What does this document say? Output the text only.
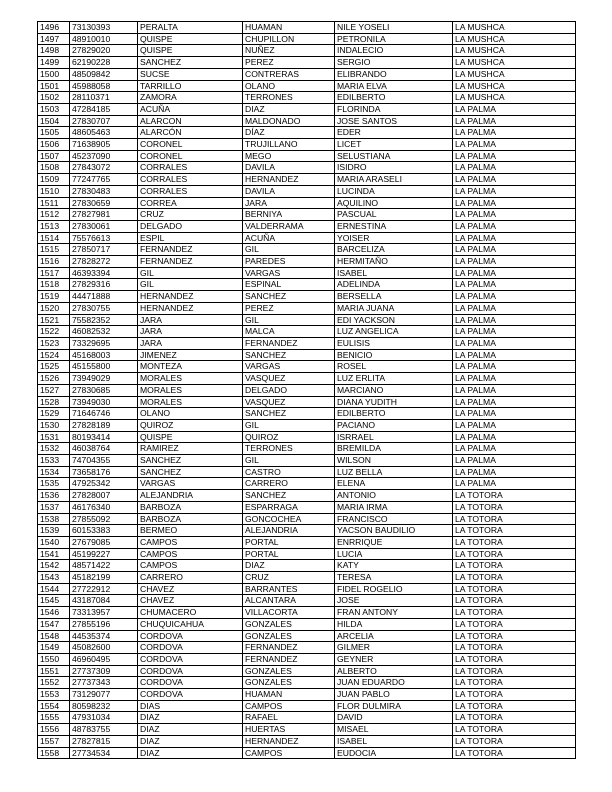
1496	73130393	PERALTA	HUAMAN	NILE YOSELI	LA MUSHCA
1497	48910010	QUISPE	CHUPILLON	PETRONILA	LA MUSHCA
1498	27829020	QUISPE	NUÑEZ	INDALECIO	LA MUSHCA
1499	62190228	SANCHEZ	PEREZ	SERGIO	LA MUSHCA
1500	48509842	SUCSE	CONTRERAS	ELIBRANDO	LA MUSHCA
1501	45988058	TARRILLO	OLANO	MARIA ELVA	LA MUSHCA
1502	28110371	ZAMORA	TERRONES	EDILBERTO	LA MUSHCA
1503	47284185	ACUÑA	DIAZ	FLORINDA	LA PALMA
1504	27830707	ALARCON	MALDONADO	JOSE SANTOS	LA PALMA
1505	48605463	ALARCÓN	DÍAZ	EDER	LA PALMA
1506	71638905	CORONEL	TRUJILLANO	LICET	LA PALMA
1507	45237090	CORONEL	MEGO	SELUSTIANA	LA PALMA
1508	27843072	CORRALES	DAVILA	ISIDRO	LA PALMA
1509	77247765	CORRALES	HERNANDEZ	MARIA ARASELI	LA PALMA
1510	27830483	CORRALES	DAVILA	LUCINDA	LA PALMA
1511	27830659	CORREA	JARA	AQUILINO	LA PALMA
1512	27827981	CRUZ	BERNIYA	PASCUAL	LA PALMA
1513	27830061	DELGADO	VALDERRAMA	ERNESTINA	LA PALMA
1514	75576613	ESPIL	ACUÑA	YOISER	LA PALMA
1515	27850717	FERNANDEZ	GIL	BARCELIZA	LA PALMA
1516	27828272	FERNANDEZ	PAREDES	HERMITAÑO	LA PALMA
1517	46393394	GIL	VARGAS	ISABEL	LA PALMA
1518	27829316	GIL	ESPINAL	ADELINDA	LA PALMA
1519	44471888	HERNANDEZ	SANCHEZ	BERSELLA	LA PALMA
1520	27830755	HERNANDEZ	PEREZ	MARIA JUANA	LA PALMA
1521	75582352	JARA	GIL	EDI YACKSON	LA PALMA
1522	46082532	JARA	MALCA	LUZ ANGELICA	LA PALMA
1523	73329695	JARA	FERNANDEZ	EULISIS	LA PALMA
1524	45168003	JIMENEZ	SANCHEZ	BENICIO	LA PALMA
1525	45155800	MONTEZA	VARGAS	ROSEL	LA PALMA
1526	73949029	MORALES	VASQUEZ	LUZ ERLITA	LA PALMA
1527	27830685	MORALES	DELGADO	MARCIANO	LA PALMA
1528	73949030	MORALES	VASQUEZ	DIANA YUDITH	LA PALMA
1529	71646746	OLANO	SANCHEZ	EDILBERTO	LA PALMA
1530	27828189	QUIROZ	GIL	PACIANO	LA PALMA
1531	80193414	QUISPE	QUIROZ	ISRRAEL	LA PALMA
1532	46038764	RAMIREZ	TERRONES	BREMILDA	LA PALMA
1533	74704355	SANCHEZ	GIL	WILSON	LA PALMA
1534	73658176	SANCHEZ	CASTRO	LUZ BELLA	LA PALMA
1535	47925342	VARGAS	CARRERO	ELENA	LA PALMA
1536	27828007	ALEJANDRIA	SANCHEZ	ANTONIO	LA TOTORA
1537	46176340	BARBOZA	ESPARRAGA	MARIA IRMA	LA TOTORA
1538	27855092	BARBOZA	GONCOCHEA	FRANCISCO	LA TOTORA
1539	60153383	BERMEO	ALEJANDRIA	YACSON BAUDILIO	LA TOTORA
1540	27679085	CAMPOS	PORTAL	ENRRIQUE	LA TOTORA
1541	45199227	CAMPOS	PORTAL	LUCIA	LA TOTORA
1542	48571422	CAMPOS	DIAZ	KATY	LA TOTORA
1543	45182199	CARRERO	CRUZ	TERESA	LA TOTORA
1544	27722912	CHAVEZ	BARRANTES	FIDEL ROGELIO	LA TOTORA
1545	43187084	CHAVEZ	ALCANTARA	JOSE	LA TOTORA
1546	73313957	CHUMACERO	VILLACORTA	FRAN ANTONY	LA TOTORA
1547	27855196	CHUQUICAHUA	GONZALES	HILDA	LA TOTORA
1548	44535374	CORDOVA	GONZALES	ARCELIA	LA TOTORA
1549	45082600	CORDOVA	FERNANDEZ	GILMER	LA TOTORA
1550	46960495	CORDOVA	FERNANDEZ	GEYNER	LA TOTORA
1551	27737309	CORDOVA	GONZALES	ALBERTO	LA TOTORA
1552	27737343	CORDOVA	GONZALES	JUAN EDUARDO	LA TOTORA
1553	73129077	CORDOVA	HUAMAN	JUAN PABLO	LA TOTORA
1554	80598232	DIAS	CAMPOS	FLOR DULMIRA	LA TOTORA
1555	47931034	DIAZ	RAFAEL	DAVID	LA TOTORA
1556	48783755	DIAZ	HUERTAS	MISAEL	LA TOTORA
1557	27827815	DIAZ	HERNANDEZ	ISABEL	LA TOTORA
1558	27734534	DIAZ	CAMPOS	EUDOCIA	LA TOTORA
